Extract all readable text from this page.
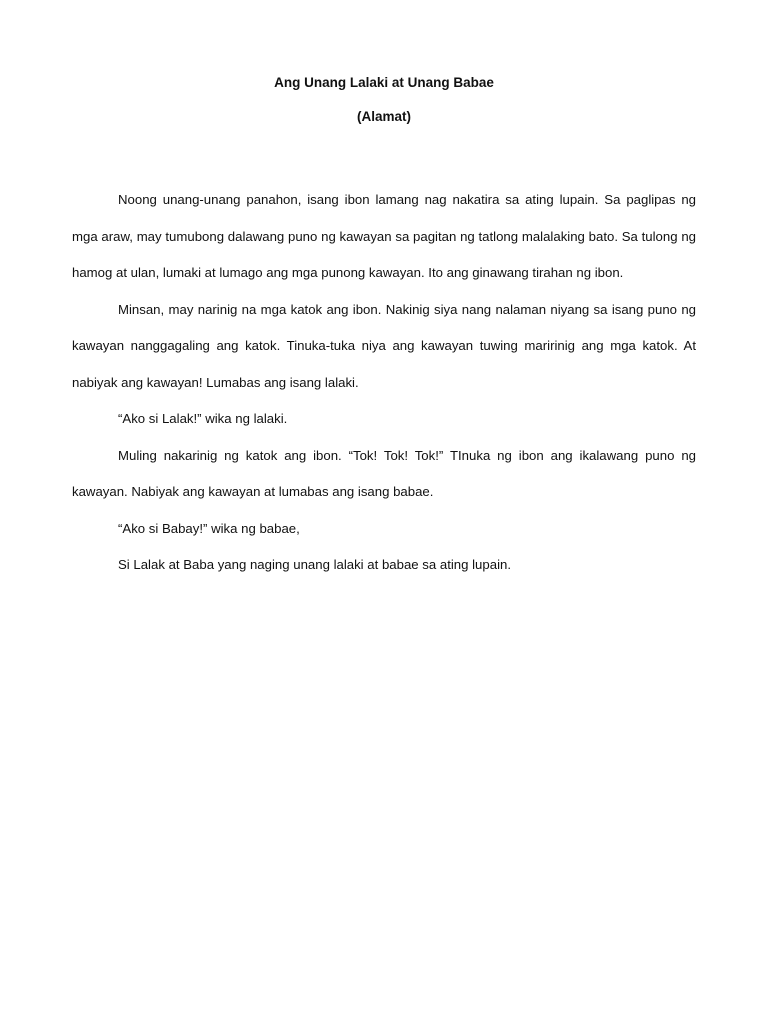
Ang Unang Lalaki at Unang Babae
(Alamat)

Noong unang-unang panahon, isang ibon lamang nag nakatira sa ating lupain. Sa paglipas ng mga araw, may tumubong dalawang puno ng kawayan sa pagitan ng tatlong malalaking bato. Sa tulong ng hamog at ulan, lumaki at lumago ang mga punong kawayan. Ito ang ginawang tirahan ng ibon.

Minsan, may narinig na mga katok ang ibon. Nakinig siya nang nalaman niyang sa isang puno ng kawayan nanggagaling ang katok. Tinuka-tuka niya ang kawayan tuwing maririnig ang mga katok. At nabiyak ang kawayan! Lumabas ang isang lalaki.

“Ako si Lalak!” wika ng lalaki.

Muling nakarinig ng katok ang ibon. “Tok! Tok! Tok!” TInuka ng ibon ang ikalawang puno ng kawayan. Nabiyak ang kawayan at lumabas ang isang babae.

“Ako si Babay!” wika ng babae,

Si Lalak at Baba yang naging unang lalaki at babae sa ating lupain.
